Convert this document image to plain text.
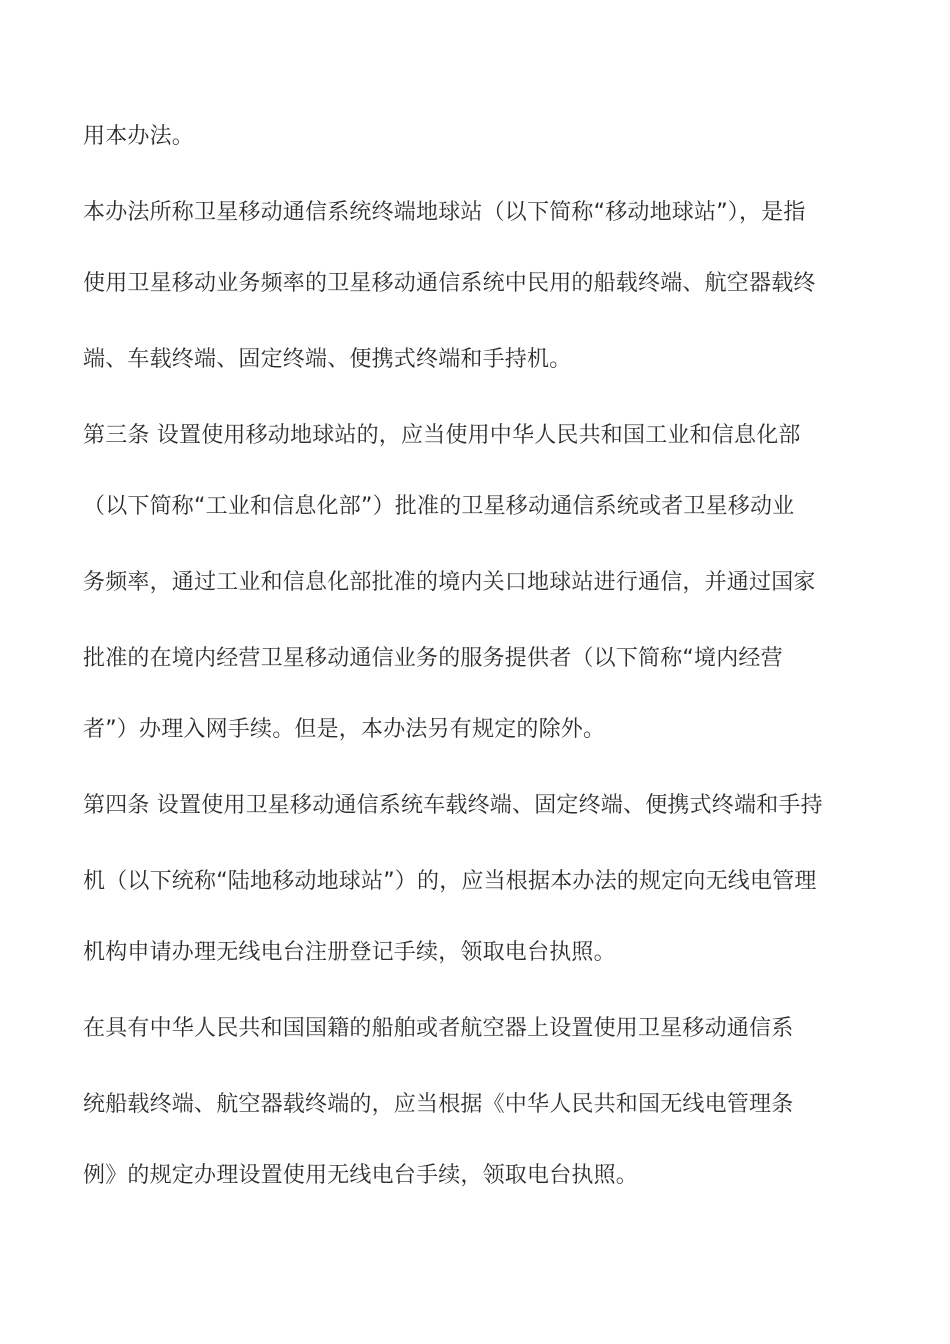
用本办法。

本办法所称卫星移动通信系统终端地球站（以下简称“移动地球站”），是指

使用卫星移动业务频率的卫星移动通信系统中民用的船载终端、航空器载终

端、车载终端、固定终端、便携式终端和手持机。

第三条 设置使用移动地球站的，应当使用中华人民共和国工业和信息化部

（以下简称“工业和信息化部”）批准的卫星移动通信系统或者卫星移动业

务频率，通过工业和信息化部批准的境内关口地球站进行通信，并通过国家

批准的在境内经营卫星移动通信业务的服务提供者（以下简称“境内经营

者”）办理入网手续。但是，本办法另有规定的除外。

第四条 设置使用卫星移动通信系统车载终端、固定终端、便携式终端和手持

机（以下统称“陆地移动地球站”）的，应当根据本办法的规定向无线电管理

机构申请办理无线电台注册登记手续，领取电台执照。

在具有中华人民共和国国籍的船舶或者航空器上设置使用卫星移动通信系

统船载终端、航空器载终端的，应当根据《中华人民共和国无线电管理条

例》的规定办理设置使用无线电台手续，领取电台执照。
